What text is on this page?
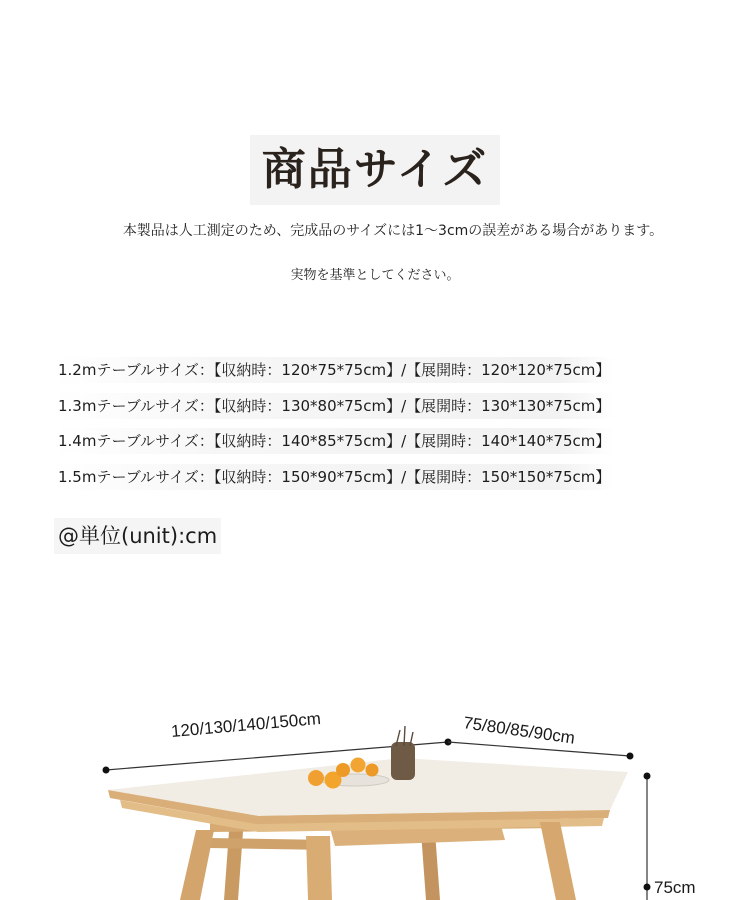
商品サイズ
本製品は人工測定のため、完成品のサイズには1～3cmの誤差がある場合があります。
実物を基準としてください。
1.2mテーブルサイズ：【収納時：120*75*75cm】/【展開時：120*120*75cm】
1.3mテーブルサイズ：【収納時：130*80*75cm】/【展開時：130*130*75cm】
1.4mテーブルサイズ：【収納時：140*85*75cm】/【展開時：140*140*75cm】
1.5mテーブルサイズ：【収納時：150*90*75cm】/【展開時：150*150*75cm】
@単位(unit):cm
120/130/140/150cm	75/80/85/90cm
75cm
